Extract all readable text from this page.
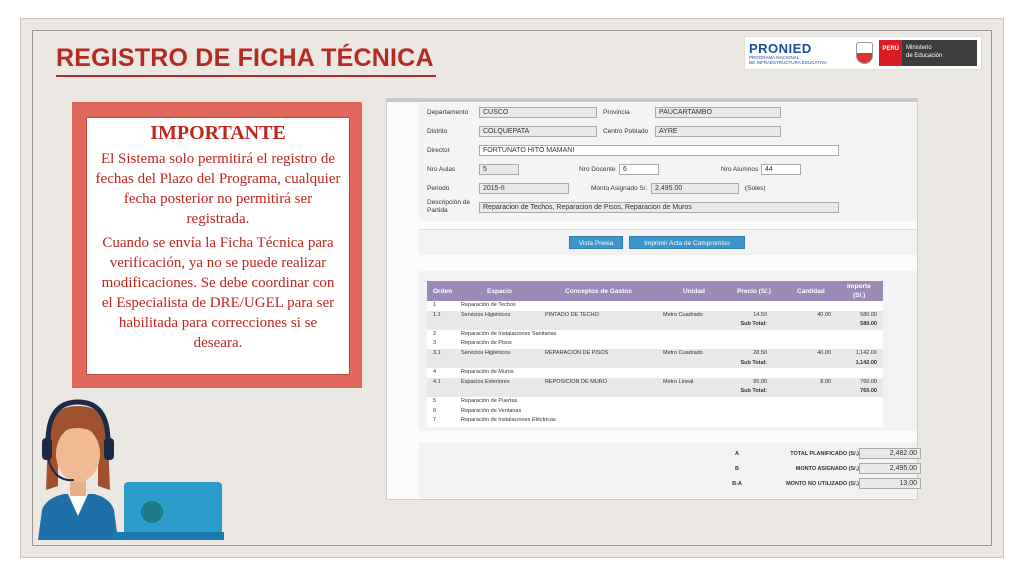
REGISTRO DE FICHA TÉCNICA	PRONIED
PROGRAMA NACIONAL
DE INFRAESTRUCTURA EDUCATIVA
PERÚ	Ministerio
de Educación
IMPORTANTE

El Sistema solo permitirá el registro de fechas del Plazo del Programa, cualquier fecha posterior no permitirá ser registrada.

Cuando se envía la Ficha Técnica para verificación, ya no se puede realizar modificaciones. Se debe coordinar con el Especialista de DRE/UGEL para ser habilitada para correcciones si se deseara.

Departamento	CUSCO	Provincia	PAUCARTAMBO
Distrito	COLQUEPATA	Centro Poblado	AYRE
Director	FORTUNATO HITO MAMANI
Nro Aulas	5	Nro Docente	6	Nro Alumnos 44
Periodo	2015-II	Monto Asignado S/.	2,495.00	(Soles)
Descripción de
Partida	Reparacion de Techos, Reparacion de Pisos, Reparacion de Muros
Vista Previa	Imprimir Acta de Compromiso
Orden	Espacio	Conceptos de Gastos	Unidad	Precio (S/.)	Cantidad
Importe
(S/.)
1	Reparación de Techos
1.1	Servicios Higiénicos	PINTADO DE TECHO	Metro Cuadrado	14.50	40.00	580.00
Sub Total:	580.00
2	Reparación de Instalaciones Sanitarias
3	Reparación de Pisos
3.1	Servicios Higiénicos	REPARACION DE PISOS	Metro Cuadrado	28.50	40.00	1,142.00
Sub Total:	1,142.00
4	Reparación de Muros
4.1	Espacios Exteriores	REPOSICION DE MURO	Metro Lineal	95.00	8.00	760.00
Sub Total:	760.00
5	Reparación de Puertas
6	Reparación de Ventanas
7	Reparación de Instalaciones Eléctricas
A	TOTAL PLANIFICADO (S/.)	2,482.00
B	MONTO ASIGNADO (S/.)	2,495.00
B-A	MONTO NO UTILIZADO (S/.)	13.00
